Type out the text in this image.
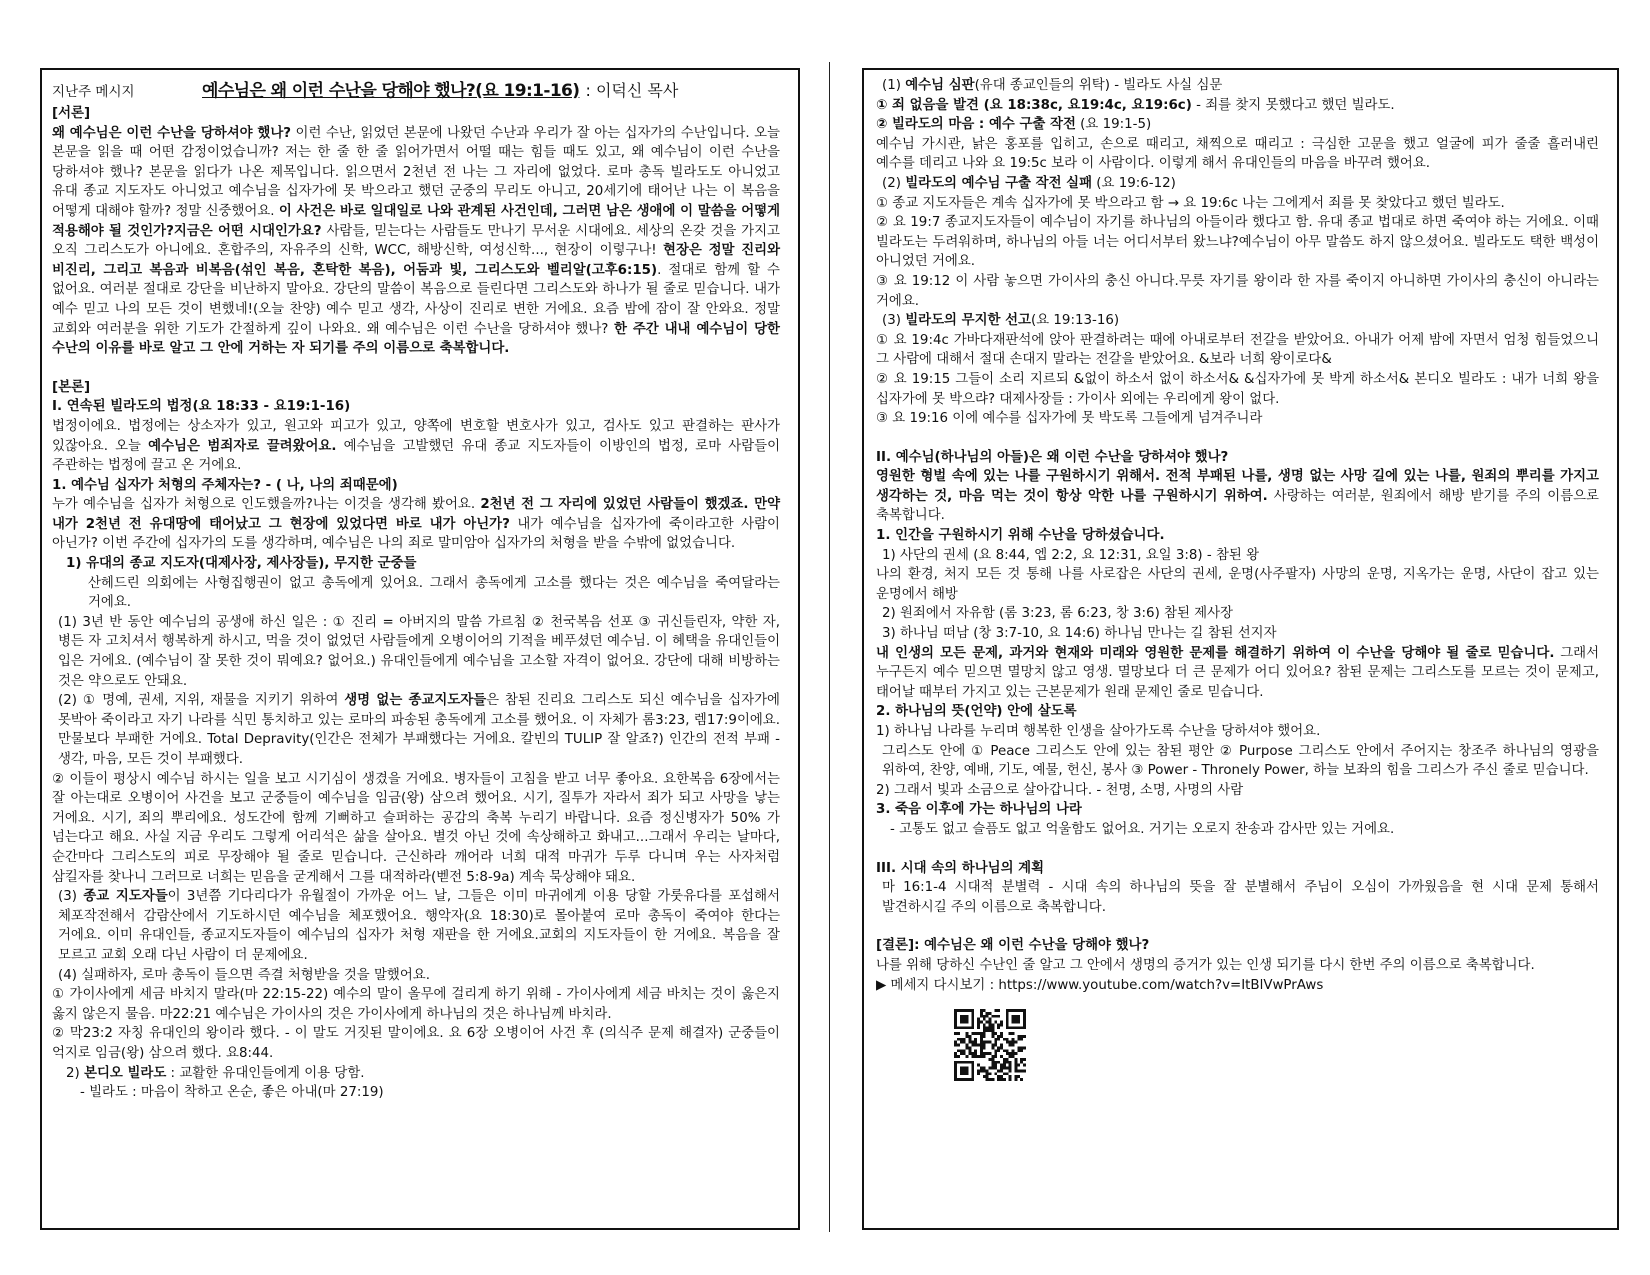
지난주 메시지	예수님은 왜 이런 수난을 당해야 했나?(요 19:1-16) : 이덕신 목사

[서론]

왜 예수님은 이런 수난을 당하셔야 했나? 이런 수난, 읽었던 본문에 나왔던 수난과 우리가 잘 아는 십자가의 수난입니다. 오늘 본문을 읽을 때 어떤 감정이었습니까? 저는 한 줄 한 줄 읽어가면서 어떨 때는 힘들 때도 있고, 왜 예수님이 이런 수난을 당하셔야 했나? 본문을 읽다가 나온 제목입니다. 읽으면서 2천년 전 나는 그 자리에 없었다. 로마 총독 빌라도도 아니었고 유대 종교 지도자도 아니었고 예수님을 십자가에 못 박으라고 했던 군중의 무리도 아니고, 20세기에 태어난 나는 이 복음을 어떻게 대해야 할까? 정말 신중했어요. 이 사건은 바로 일대일로 나와 관계된 사건인데, 그러면 남은 생애에 이 말씀을 어떻게 적용해야 될 것인가?지금은 어떤 시대인가요? 사람들, 믿는다는 사람들도 만나기 무서운 시대에요. 세상의 온갖 것을 가지고 오직 그리스도가 아니에요. 혼합주의, 자유주의 신학, WCC, 해방신학, 여성신학..., 현장이 이렇구나! 현장은 정말 진리와 비진리, 그리고 복음과 비복음(섞인 복음, 혼탁한 복음), 어둠과 빛, 그리스도와 벨리알(고후6:15). 절대로 함께 할 수 없어요. 여러분 절대로 강단을 비난하지 말아요. 강단의 말씀이 복음으로 들린다면 그리스도와 하나가 될 줄로 믿습니다. 내가 예수 믿고 나의 모든 것이 변했네!(오늘 찬양) 예수 믿고 생각, 사상이 진리로 변한 거에요. 요즘 밤에 잠이 잘 안와요. 정말 교회와 여러분을 위한 기도가 간절하게 깊이 나와요. 왜 예수님은 이런 수난을 당하셔야 했나? 한 주간 내내 예수님이 당한 수난의 이유를 바로 알고 그 안에 거하는 자 되기를 주의 이름으로 축복합니다.

[본론]

Ⅰ. 연속된 빌라도의 법정(요 18:33 - 요19:1-16)

법정이에요. 법정에는 상소자가 있고, 원고와 피고가 있고, 양쪽에 변호할 변호사가 있고, 검사도 있고 판결하는 판사가 있잖아요. 오늘 예수님은 범죄자로 끌려왔어요. 예수님을 고발했던 유대 종교 지도자들이 이방인의 법정, 로마 사람들이 주관하는 법정에 끌고 온 거에요.

1. 예수님 십자가 처형의 주체자는? - ( 나, 나의 죄때문에)

누가 예수님을 십자가 처형으로 인도했을까?나는 이것을 생각해 봤어요. 2천년 전 그 자리에 있었던 사람들이 했겠죠. 만약 내가 2천년 전 유대땅에 태어났고 그 현장에 있었다면 바로 내가 아닌가? 내가 예수님을 십자가에 죽이라고한 사람이 아닌가? 이번 주간에 십자가의 도를 생각하며, 예수님은 나의 죄로 말미암아 십자가의 처형을 받을 수밖에 없었습니다.

1) 유대의 종교 지도자(대제사장, 제사장들), 무지한 군중들

산헤드린 의회에는 사형집행권이 없고 총독에게 있어요. 그래서 총독에게 고소를 했다는 것은 예수님을 죽여달라는 거에요.

(1) 3년 반 동안 예수님의 공생애 하신 일은 : ① 진리 = 아버지의 말씀 가르침 ② 천국복음 선포 ③ 귀신들린자, 약한 자, 병든 자 고치셔서 행복하게 하시고, 먹을 것이 없었던 사람들에게 오병이어의 기적을 베푸셨던 예수님. 이 혜택을 유대인들이 입은 거에요. (예수님이 잘 못한 것이 뭐예요? 없어요.) 유대인들에게 예수님을 고소할 자격이 없어요. 강단에 대해 비방하는 것은 약으로도 안돼요.

(2) ① 명예, 권세, 지위, 재물을 지키기 위하여 생명 없는 종교지도자들은 참된 진리요 그리스도 되신 예수님을 십자가에 못박아 죽이라고 자기 나라를 식민 통치하고 있는 로마의 파송된 총독에게 고소를 했어요. 이 자체가 롬3:23, 렘17:9이에요. 만물보다 부패한 거에요. Total Depravity(인간은 전체가 부패했다는 거에요. 칼빈의 TULIP 잘 알죠?) 인간의 전적 부패 - 생각, 마음, 모든 것이 부패했다.

② 이들이 평상시 예수님 하시는 일을 보고 시기심이 생겼을 거에요. 병자들이 고침을 받고 너무 좋아요. 요한복음 6장에서는 잘 아는대로 오병이어 사건을 보고 군중들이 예수님을 임금(왕) 삼으려 했어요. 시기, 질투가 자라서 죄가 되고 사망을 낳는 거에요. 시기, 죄의 뿌리에요. 성도간에 함께 기뻐하고 슬퍼하는 공감의 축복 누리기 바랍니다. 요즘 정신병자가 50% 가 넘는다고 해요. 사실 지금 우리도 그렇게 어리석은 삶을 살아요. 별것 아닌 것에 속상해하고 화내고...그래서 우리는 날마다, 순간마다 그리스도의 피로 무장해야 될 줄로 믿습니다. 근신하라 깨어라 너희 대적 마귀가 두루 다니며 우는 사자처럼 삼킬자를 찾나니 그러므로 너희는 믿음을 굳게해서 그를 대적하라(벧전 5:8-9a) 계속 묵상해야 돼요.

(3) 종교 지도자들이 3년쯤 기다리다가 유월절이 가까운 어느 날, 그들은 이미 마귀에게 이용 당할 가룻유다를 포섭해서 체포작전해서 감람산에서 기도하시던 예수님을 체포했어요. 행악자(요 18:30)로 몰아붙여 로마 총독이 죽여야 한다는 거에요. 이미 유대인들, 종교지도자들이 예수님의 십자가 처형 재판을 한 거에요.교회의 지도자들이 한 거에요. 복음을 잘 모르고 교회 오래 다닌 사람이 더 문제에요.

(4) 실패하자, 로마 총독이 들으면 즉결 처형받을 것을 말했어요.

① 가이사에게 세금 바치지 말라(마 22:15-22) 예수의 말이 올무에 걸리게 하기 위해 - 가이사에게 세금 바치는 것이 옳은지 옳지 않은지 물음. 마22:21 예수님은 가이사의 것은 가이사에게 하나님의 것은 하나님께 바치라.

② 막23:2 자칭 유대인의 왕이라 했다. - 이 말도 거짓된 말이에요. 요 6장 오병이어 사건 후 (의식주 문제 해결자) 군중들이 억지로 임금(왕) 삼으려 했다. 요8:44.

2) 본디오 빌라도 : 교활한 유대인들에게 이용 당함.

- 빌라도 : 마음이 착하고 온순, 좋은 아내(마 27:19)

(1) 예수님 심판(유대 종교인들의 위탁) - 빌라도 사실 심문

① 죄 없음을 발견 (요 18:38c, 요19:4c, 요19:6c) - 죄를 찾지 못했다고 했던 빌라도.

② 빌라도의 마음 : 예수 구출 작전 (요 19:1-5)

예수님 가시관, 낡은 홍포를 입히고, 손으로 때리고, 채찍으로 때리고 : 극심한 고문을 했고 얼굴에 피가 줄줄 흘러내린 예수를 데리고 나와 요 19:5c 보라 이 사람이다. 이렇게 해서 유대인들의 마음을 바꾸려 했어요.

(2) 빌라도의 예수님 구출 작전 실패 (요 19:6-12)

① 종교 지도자들은 계속 십자가에 못 박으라고 함 → 요 19:6c 나는 그에게서 죄를 못 찾았다고 했던 빌라도.

② 요 19:7 종교지도자들이 예수님이 자기를 하나님의 아들이라 했다고 함. 유대 종교 법대로 하면 죽여야 하는 거에요. 이때 빌라도는 두려워하며, 하나님의 아들 너는 어디서부터 왔느냐?예수님이 아무 말씀도 하지 않으셨어요. 빌라도도 택한 백성이 아니었던 거에요.

③ 요 19:12 이 사람 놓으면 가이사의 충신 아니다.무릇 자기를 왕이라 한 자를 죽이지 아니하면 가이사의 충신이 아니라는 거에요.

(3) 빌라도의 무지한 선고(요 19:13-16)

① 요 19:4c 가바다재판석에 앉아 판결하려는 때에 아내로부터 전갈을 받았어요. 아내가 어제 밤에 자면서 엄청 힘들었으니 그 사람에 대해서 절대 손대지 말라는 전갈을 받았어요. &보라 너희 왕이로다&

② 요 19:15 그들이 소리 지르되 &없이 하소서 없이 하소서& &십자가에 못 박게 하소서& 본디오 빌라도 : 내가 너희 왕을 십자가에 못 박으랴? 대제사장들 : 가이사 외에는 우리에게 왕이 없다.

③ 요 19:16 이에 예수를 십자가에 못 박도록 그들에게 넘겨주니라

II. 예수님(하나님의 아들)은 왜 이런 수난을 당하셔야 했나?

영원한 형벌 속에 있는 나를 구원하시기 위해서. 전적 부패된 나를, 생명 없는 사망 길에 있는 나를, 원죄의 뿌리를 가지고 생각하는 것, 마음 먹는 것이 항상 악한 나를 구원하시기 위하여. 사랑하는 여러분, 원죄에서 해방 받기를 주의 이름으로 축복합니다.

1. 인간을 구원하시기 위해 수난을 당하셨습니다.

1) 사단의 권세 (요 8:44, 엡 2:2, 요 12:31, 요일 3:8) - 참된 왕

나의 환경, 처지 모든 것 통해 나를 사로잡은 사단의 권세, 운명(사주팔자) 사망의 운명, 지옥가는 운명, 사단이 잡고 있는 운명에서 해방

2) 원죄에서 자유함 (롬 3:23, 롬 6:23, 창 3:6) 참된 제사장

3) 하나님 떠남 (창 3:7-10, 요 14:6) 하나님 만나는 길 참된 선지자

내 인생의 모든 문제, 과거와 현재와 미래와 영원한 문제를 해결하기 위하여 이 수난을 당해야 될 줄로 믿습니다. 그래서 누구든지 예수 믿으면 멸망치 않고 영생. 멸망보다 더 큰 문제가 어디 있어요? 참된 문제는 그리스도를 모르는 것이 문제고, 태어날 때부터 가지고 있는 근본문제가 원래 문제인 줄로 믿습니다.

2. 하나님의 뜻(언약) 안에 살도록

1) 하나님 나라를 누리며 행복한 인생을 살아가도록 수난을 당하셔야 했어요.

그리스도 안에 ① Peace 그리스도 안에 있는 참된 평안 ② Purpose 그리스도 안에서 주어지는 창조주 하나님의 영광을 위하여, 찬양, 예배, 기도, 예물, 헌신, 봉사 ③ Power - Thronely Power, 하늘 보좌의 힘을 그리스가 주신 줄로 믿습니다.

2) 그래서 빛과 소금으로 살아갑니다. - 천명, 소명, 사명의 사람

3. 죽음 이후에 가는 하나님의 나라

- 고통도 없고 슬픔도 없고 억울함도 없어요. 거기는 오로지 찬송과 감사만 있는 거에요.

III. 시대 속의 하나님의 계획

마 16:1-4 시대적 분별력 - 시대 속의 하나님의 뜻을 잘 분별해서 주님이 오심이 가까웠음을 현 시대 문제 통해서 발견하시길 주의 이름으로 축복합니다.

[결론]: 예수님은 왜 이런 수난을 당해야 했나?

나를 위해 당하신 수난인 줄 알고 그 안에서 생명의 증거가 있는 인생 되기를 다시 한번 주의 이름으로 축복합니다.

▶ 메세지 다시보기 : https://www.youtube.com/watch?v=ItBlVwPrAws
